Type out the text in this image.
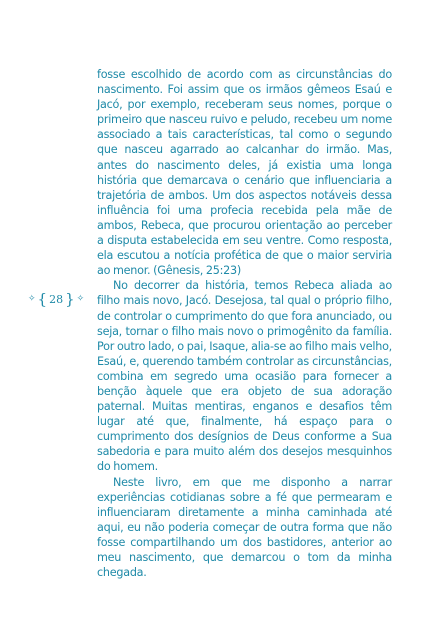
✧ { 28 } ✧

fosse escolhido de acordo com as circunstâncias do nascimento. Foi assim que os irmãos gêmeos Esaú e Jacó, por exemplo, receberam seus nomes, porque o primeiro que nasceu ruivo e peludo, recebeu um nome associado a tais características, tal como o segundo que nasceu agarrado ao calcanhar do irmão. Mas, antes do nascimento deles, já existia uma longa história que demarcava o cenário que influenciaria a trajetória de ambos. Um dos aspectos notáveis dessa influência foi uma profecia recebida pela mãe de ambos, Rebeca, que procurou orientação ao perceber a disputa estabelecida em seu ventre. Como resposta, ela escutou a notícia profética de que o maior serviria ao menor. (Gênesis, 25:23)

No decorrer da história, temos Rebeca aliada ao filho mais novo, Jacó. Desejosa, tal qual o próprio filho, de controlar o cumprimento do que fora anunciado, ou seja, tornar o filho mais novo o primogênito da família. Por outro lado, o pai, Isaque, alia-se ao filho mais velho, Esaú, e, querendo também controlar as circunstâncias, combina em segredo uma ocasião para fornecer a benção àquele que era objeto de sua adoração paternal. Muitas mentiras, enganos e desafios têm lugar até que, finalmente, há espaço para o cumprimento dos desígnios de Deus conforme a Sua sabedoria e para muito além dos desejos mesquinhos do homem.

Neste livro, em que me disponho a narrar experiências cotidianas sobre a fé que permearam e influenciaram diretamente a minha caminhada até aqui, eu não poderia começar de outra forma que não fosse compartilhando um dos bastidores, anterior ao meu nascimento, que demarcou o tom da minha chegada.
